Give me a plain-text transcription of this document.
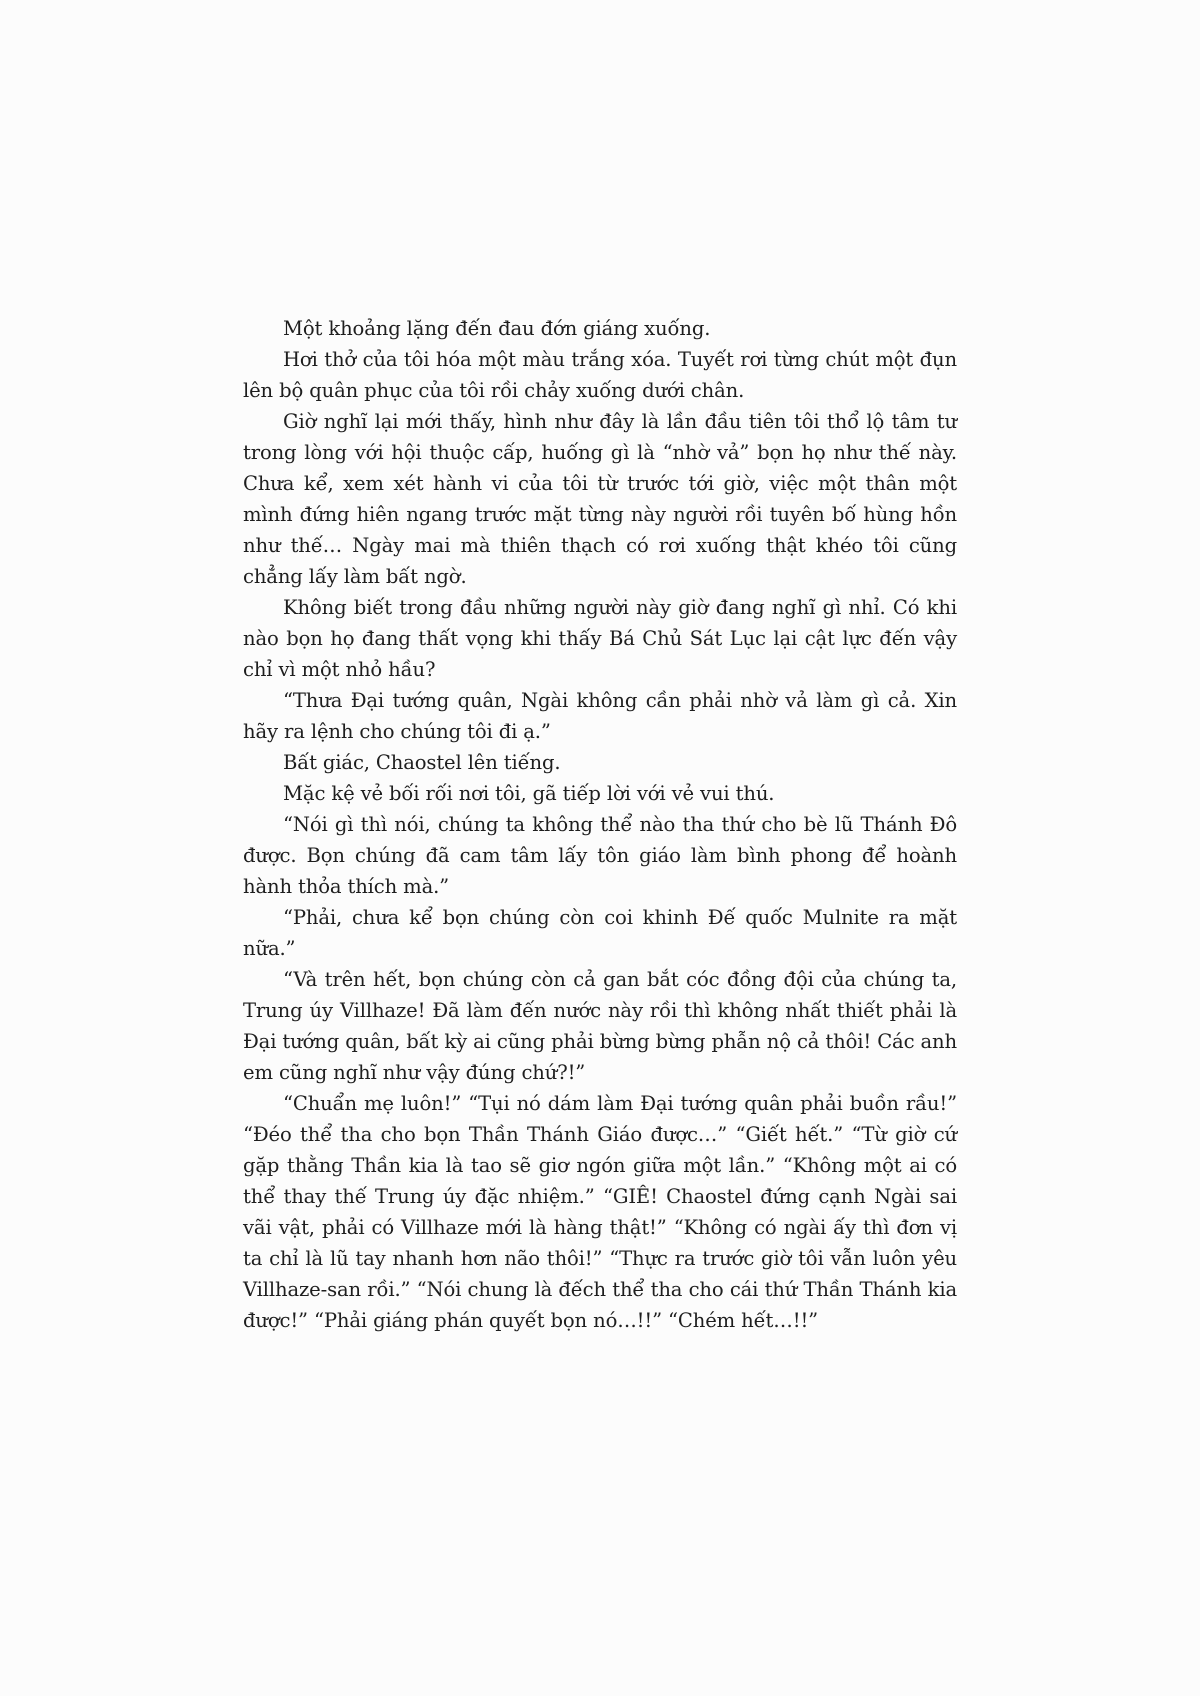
Một khoảng lặng đến đau đớn giáng xuống.

Hơi thở của tôi hóa một màu trắng xóa. Tuyết rơi từng chút một đụn lên bộ quân phục của tôi rồi chảy xuống dưới chân.

Giờ nghĩ lại mới thấy, hình như đây là lần đầu tiên tôi thổ lộ tâm tư trong lòng với hội thuộc cấp, huống gì là “nhờ vả” bọn họ như thế này. Chưa kể, xem xét hành vi của tôi từ trước tới giờ, việc một thân một mình đứng hiên ngang trước mặt từng này người rồi tuyên bố hùng hồn như thế… Ngày mai mà thiên thạch có rơi xuống thật khéo tôi cũng chẳng lấy làm bất ngờ.

Không biết trong đầu những người này giờ đang nghĩ gì nhỉ. Có khi nào bọn họ đang thất vọng khi thấy Bá Chủ Sát Lục lại cật lực đến vậy chỉ vì một nhỏ hầu?

“Thưa Đại tướng quân, Ngài không cần phải nhờ vả làm gì cả. Xin hãy ra lệnh cho chúng tôi đi ạ.”

Bất giác, Chaostel lên tiếng.

Mặc kệ vẻ bối rối nơi tôi, gã tiếp lời với vẻ vui thú.

“Nói gì thì nói, chúng ta không thể nào tha thứ cho bè lũ Thánh Đô được. Bọn chúng đã cam tâm lấy tôn giáo làm bình phong để hoành hành thỏa thích mà.”

“Phải, chưa kể bọn chúng còn coi khinh Đế quốc Mulnite ra mặt nữa.”

“Và trên hết, bọn chúng còn cả gan bắt cóc đồng đội của chúng ta, Trung úy Villhaze! Đã làm đến nước này rồi thì không nhất thiết phải là Đại tướng quân, bất kỳ ai cũng phải bừng bừng phẫn nộ cả thôi! Các anh em cũng nghĩ như vậy đúng chứ?!”

“Chuẩn mẹ luôn!” “Tụi nó dám làm Đại tướng quân phải buồn rầu!” “Đéo thể tha cho bọn Thần Thánh Giáo được…” “Giết hết.” “Từ giờ cứ gặp thằng Thần kia là tao sẽ giơ ngón giữa một lần.” “Không một ai có thể thay thế Trung úy đặc nhiệm.” “GIÊ! Chaostel đứng cạnh Ngài sai vãi vật, phải có Villhaze mới là hàng thật!” “Không có ngài ấy thì đơn vị ta chỉ là lũ tay nhanh hơn não thôi!” “Thực ra trước giờ tôi vẫn luôn yêu Villhaze-san rồi.” “Nói chung là đếch thể tha cho cái thứ Thần Thánh kia được!” “Phải giáng phán quyết bọn nó…!!” “Chém hết…!!”
